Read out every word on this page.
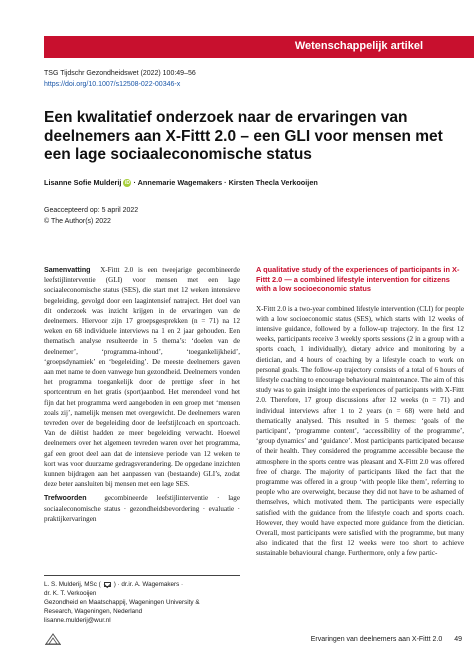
Wetenschappelijk artikel
TSG Tijdschr Gezondheidswet (2022) 100:49–56
https://doi.org/10.1007/s12508-022-00346-x
Een kwalitatief onderzoek naar de ervaringen van deelnemers aan X-Fittt 2.0 – een GLI voor mensen met een lage sociaaleconomische status
Lisanne Sofie Mulderij iD · Annemarie Wagemakers · Kirsten Thecla Verkooijen
Geaccepteerd op: 5 april 2022
© The Author(s) 2022

Samenvatting X-Fittt 2.0 is een tweejarige gecombineerde leefstijlinterventie (GLI) voor mensen met een lage sociaaleconomische status (SES), die start met 12 weken intensieve begeleiding, gevolgd door een laagintensief natraject. Het doel van dit onderzoek was inzicht krijgen in de ervaringen van de deelnemers. Hiervoor zijn 17 groepsgesprekken (n = 71) na 12 weken en 68 individuele interviews na 1 en 2 jaar gehouden. Een thematisch analyse resulteerde in 5 thema’s: ‘doelen van de deelnemer’, ‘programma-inhoud’, ‘toegankelijkheid’, ‘groepsdynamiek’ en ‘begeleiding’. De meeste deelnemers gaven aan met name te doen vanwege hun gezondheid. Deelnemers vonden het programma toegankelijk door de prettige sfeer in het sportcentrum en het gratis (sport)aanbod. Het merendeel vond het fijn dat het programma werd aangeboden in een groep met ‘mensen zoals zij’, namelijk mensen met overgewicht. De deelnemers waren tevreden over de begeleiding door de leefstijlcoach en sportcoach. Van de diëtist hadden ze meer begeleiding verwacht. Hoewel deelnemers over het algemeen tevreden waren over het programma, gaf een groot deel aan dat de intensieve periode van 12 weken te kort was voor duurzame gedragsverandering. De opgedane inzichten kunnen bijdragen aan het aanpassen van (bestaande) GLI’s, zodat deze beter aansluiten bij mensen met een lage SES.

Trefwoorden gecombineerde leefstijlinterventie · lage sociaaleconomische status · gezondheidsbevordering · evaluatie · praktijkervaringen

L. S. Mulderij, MSc ( ) · dr.ir. A. Wagemakers ·
dr. K. T. Verkooijen
Gezondheid en Maatschappij, Wageningen University &
Research, Wageningen, Nederland
lisanne.mulderij@wur.nl
A qualitative study of the experiences of participants in X-Fittt 2.0 — a combined lifestyle intervention for citizens with a low socioeconomic status
X-Fittt 2.0 is a two-year combined lifestyle intervention (CLI) for people with a low socioeconomic status (SES), which starts with 12 weeks of intensive guidance, followed by a follow-up trajectory. In the first 12 weeks, participants receive 3 weekly sports sessions (2 in a group with a sports coach, 1 individually), dietary advice and monitoring by a dietician, and 4 hours of coaching by a lifestyle coach to work on personal goals. The follow-up trajectory consists of a total of 6 hours of lifestyle coaching to encourage behavioural maintenance. The aim of this study was to gain insight into the experiences of participants with X-Fittt 2.0. Therefore, 17 group discussions after 12 weeks (n = 71) and individual interviews after 1 to 2 years (n = 68) were held and thematically analysed. This resulted in 5 themes: ‘goals of the participant’, ‘programme content’, ‘accessibility of the programme’, ‘group dynamics’ and ‘guidance’. Most participants participated because of their health. They considered the programme accessible because the atmosphere in the sports centre was pleasant and X-Fittt 2.0 was offered free of charge. The majority of participants liked the fact that the programme was offered in a group ‘with people like them’, referring to people who are overweight, because they did not have to be ashamed of themselves, which motivated them. The participants were especially satisfied with the guidance from the lifestyle coach and sports coach. However, they would have expected more guidance from the dietician. Overall, most participants were satisfied with the programme, but many also indicated that the first 12 weeks were too short to achieve sustainable behavioural change. Furthermore, only a few partic-
Ervaringen van deelnemers aan X-Fittt 2.0 49
